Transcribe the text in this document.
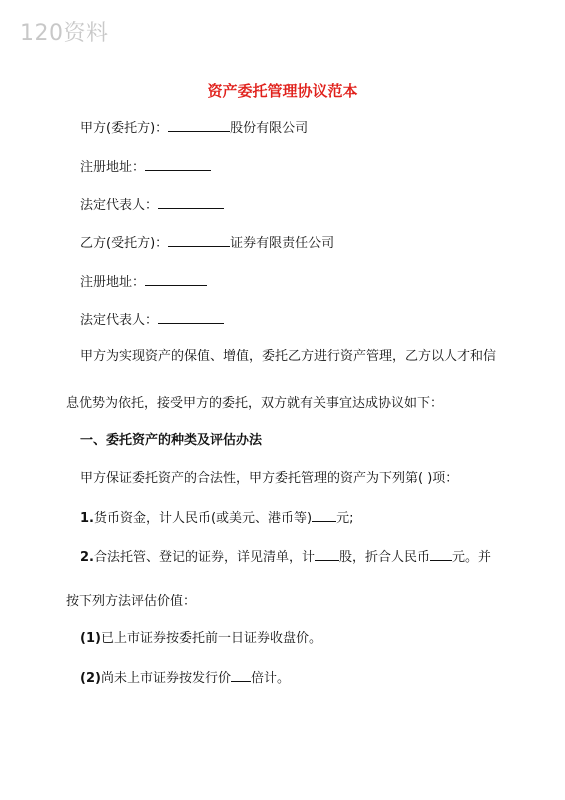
120资料
资产委托管理协议范本
甲方(委托方)：	股份有限公司
注册地址：
法定代表人：
乙方(受托方)：	证券有限责任公司
注册地址：
法定代表人：
甲方为实现资产的保值、增值，委托乙方进行资产管理，乙方以人才和信
息优势为依托，接受甲方的委托，双方就有关事宜达成协议如下：
一、委托资产的种类及评估办法
甲方保证委托资产的合法性，甲方委托管理的资产为下列第( )项：
1.货币资金，计人民币(或美元、港币等) 元;
2.合法托管、登记的证券，详见清单，计 股，折合人民币 元。并
按下列方法评估价值：
(1)已上市证券按委托前一日证券收盘价。
(2)尚未上市证券按发行价 倍计。
